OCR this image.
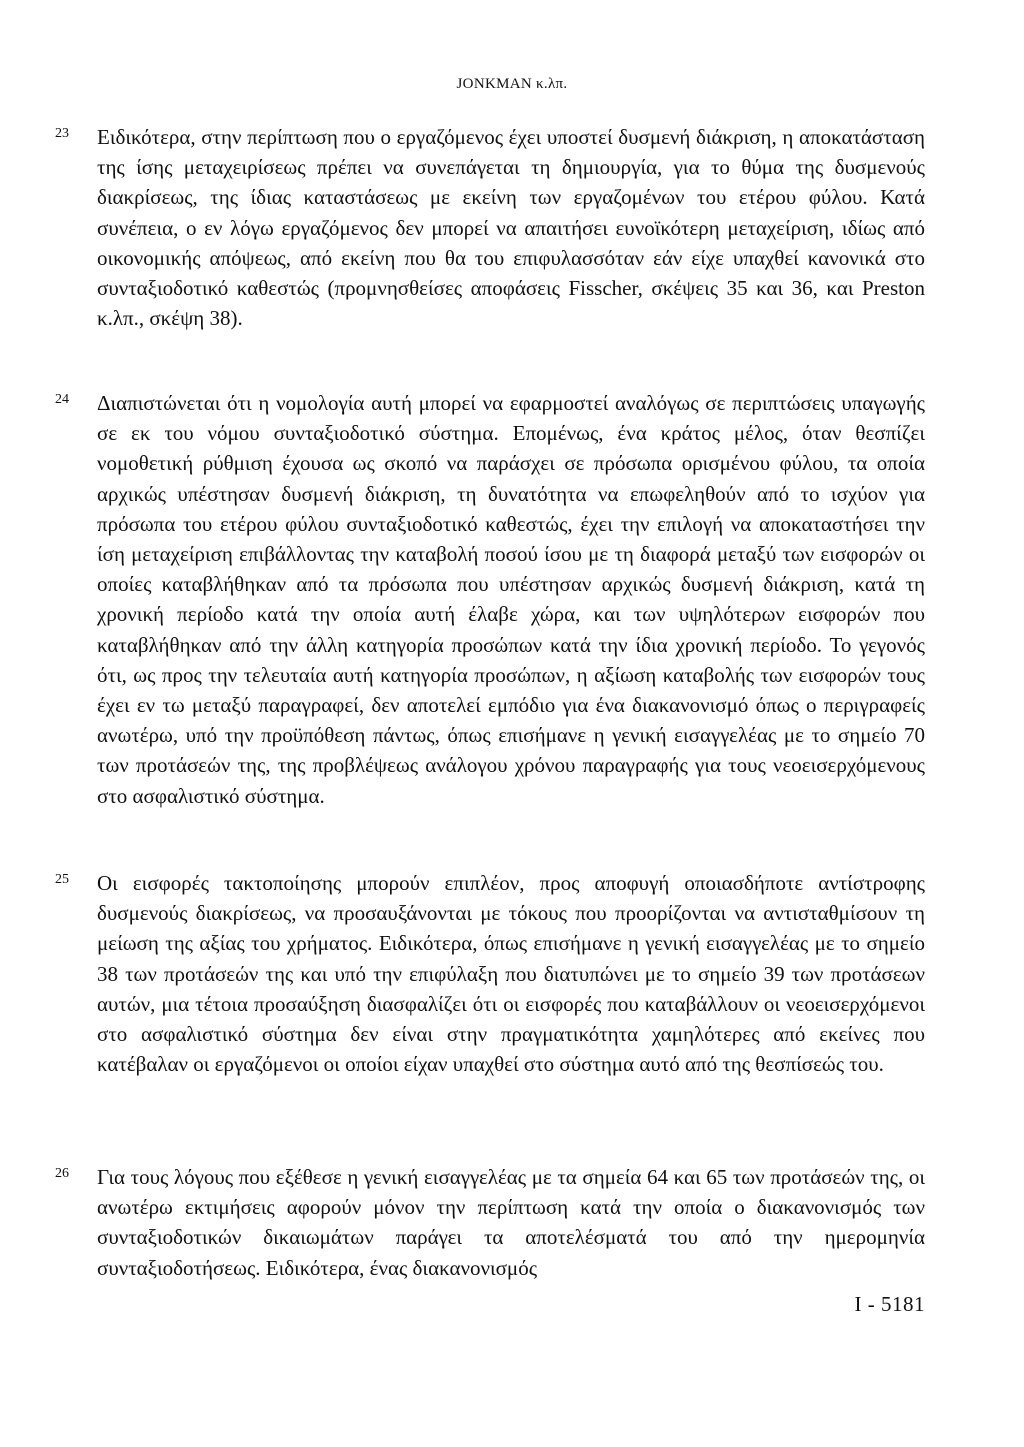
JONKMAN κ.λπ.
23	Ειδικότερα, στην περίπτωση που ο εργαζόμενος έχει υποστεί δυσμενή διάκριση, η αποκατάσταση της ίσης μεταχειρίσεως πρέπει να συνεπάγεται τη δημιουργία, για το θύμα της δυσμενούς διακρίσεως, της ίδιας καταστάσεως με εκείνη των εργαζομένων του ετέρου φύλου. Κατά συνέπεια, ο εν λόγω εργαζόμενος δεν μπορεί να απαιτήσει ευνοϊκότερη μεταχείριση, ιδίως από οικονομικής απόψεως, από εκείνη που θα του επιφυλασσόταν εάν είχε υπαχθεί κανονικά στο συνταξιοδοτικό καθεστώς (προμνησθείσες αποφάσεις Fisscher, σκέψεις 35 και 36, και Preston κ.λπ., σκέψη 38).

24	Διαπιστώνεται ότι η νομολογία αυτή μπορεί να εφαρμοστεί αναλόγως σε περιπτώσεις υπαγωγής σε εκ του νόμου συνταξιοδοτικό σύστημα. Επομένως, ένα κράτος μέλος, όταν θεσπίζει νομοθετική ρύθμιση έχουσα ως σκοπό να παράσχει σε πρόσωπα ορισμένου φύλου, τα οποία αρχικώς υπέστησαν δυσμενή διάκριση, τη δυνατότητα να επωφεληθούν από το ισχύον για πρόσωπα του ετέρου φύλου συνταξιοδοτικό καθεστώς, έχει την επιλογή να αποκαταστήσει την ίση μεταχείριση επιβάλλοντας την καταβολή ποσού ίσου με τη διαφορά μεταξύ των εισφορών οι οποίες καταβλήθηκαν από τα πρόσωπα που υπέστησαν αρχικώς δυσμενή διάκριση, κατά τη χρονική περίοδο κατά την οποία αυτή έλαβε χώρα, και των υψηλότερων εισφορών που καταβλήθηκαν από την άλλη κατηγορία προσώπων κατά την ίδια χρονική περίοδο. Το γεγονός ότι, ως προς την τελευταία αυτή κατηγορία προσώπων, η αξίωση καταβολής των εισφορών τους έχει εν τω μεταξύ παραγραφεί, δεν αποτελεί εμπόδιο για ένα διακανονισμό όπως ο περιγραφείς ανωτέρω, υπό την προϋπόθεση πάντως, όπως επισήμανε η γενική εισαγγελέας με το σημείο 70 των προτάσεών της, της προβλέψεως ανάλογου χρόνου παραγραφής για τους νεοεισερχόμενους στο ασφαλιστικό σύστημα.

25	Οι εισφορές τακτοποίησης μπορούν επιπλέον, προς αποφυγή οποιασδήποτε αντίστροφης δυσμενούς διακρίσεως, να προσαυξάνονται με τόκους που προορίζονται να αντισταθμίσουν τη μείωση της αξίας του χρήματος. Ειδικότερα, όπως επισήμανε η γενική εισαγγελέας με το σημείο 38 των προτάσεών της και υπό την επιφύλαξη που διατυπώνει με το σημείο 39 των προτάσεων αυτών, μια τέτοια προσαύξηση διασφαλίζει ότι οι εισφορές που καταβάλλουν οι νεοεισερχόμενοι στο ασφαλιστικό σύστημα δεν είναι στην πραγματικότητα χαμηλότερες από εκείνες που κατέβαλαν οι εργαζόμενοι οι οποίοι είχαν υπαχθεί στο σύστημα αυτό από της θεσπίσεώς του.

26	Για τους λόγους που εξέθεσε η γενική εισαγγελέας με τα σημεία 64 και 65 των προτάσεών της, οι ανωτέρω εκτιμήσεις αφορούν μόνον την περίπτωση κατά την οποία ο διακανονισμός των συνταξιοδοτικών δικαιωμάτων παράγει τα αποτελέσματά του από την ημερομηνία συνταξιοδοτήσεως. Ειδικότερα, ένας διακανονισμός

I - 5181
